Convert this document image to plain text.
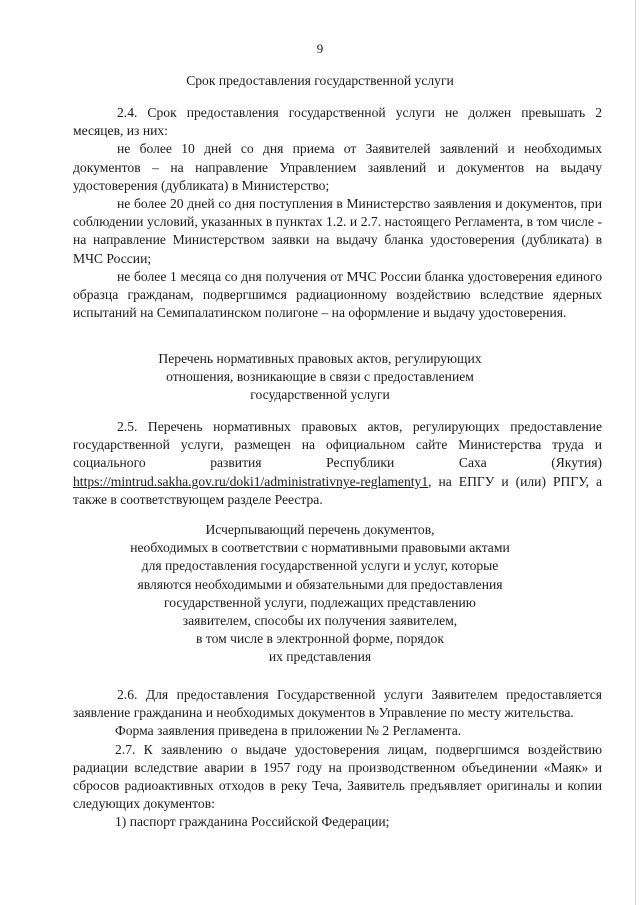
9
Срок предоставления государственной услуги

2.4. Срок предоставления государственной услуги не должен превышать 2 месяцев, из них:

не более 10 дней со дня приема от Заявителей заявлений и необходимых документов – на направление Управлением заявлений и документов на выдачу удостоверения (дубликата) в Министерство;

не более 20 дней со дня поступления в Министерство заявления и документов, при соблюдении условий, указанных в пунктах 1.2. и 2.7. настоящего Регламента, в том числе - на направление Министерством заявки на выдачу бланка удостоверения (дубликата) в МЧС России;

не более 1 месяца со дня получения от МЧС России бланка удостоверения единого образца гражданам, подвергшимся радиационному воздействию вследствие ядерных испытаний на Семипалатинском полигоне – на оформление и выдачу удостоверения.

Перечень нормативных правовых актов, регулирующих
отношения, возникающие в связи с предоставлением
государственной услуги

2.5. Перечень нормативных правовых актов, регулирующих предоставление государственной услуги, размещен на официальном сайте Министерства труда и социального развития Республики Саха (Якутия) https://mintrud.sakha.gov.ru/doki1/administrativnye-reglamenty1, на ЕПГУ и (или) РПГУ, а также в соответствующем разделе Реестра.

Исчерпывающий перечень документов,
необходимых в соответствии с нормативными правовыми актами
для предоставления государственной услуги и услуг, которые
являются необходимыми и обязательными для предоставления
государственной услуги, подлежащих представлению
заявителем, способы их получения заявителем,
в том числе в электронной форме, порядок
их представления

2.6. Для предоставления Государственной услуги Заявителем предоставляется заявление гражданина и необходимых документов в Управление по месту жительства.

Форма заявления приведена в приложении № 2 Регламента.

2.7. К заявлению о выдаче удостоверения лицам, подвергшимся воздействию радиации вследствие аварии в 1957 году на производственном объединении «Маяк» и сбросов радиоактивных отходов в реку Теча, Заявитель предъявляет оригиналы и копии следующих документов:

1) паспорт гражданина Российской Федерации;
